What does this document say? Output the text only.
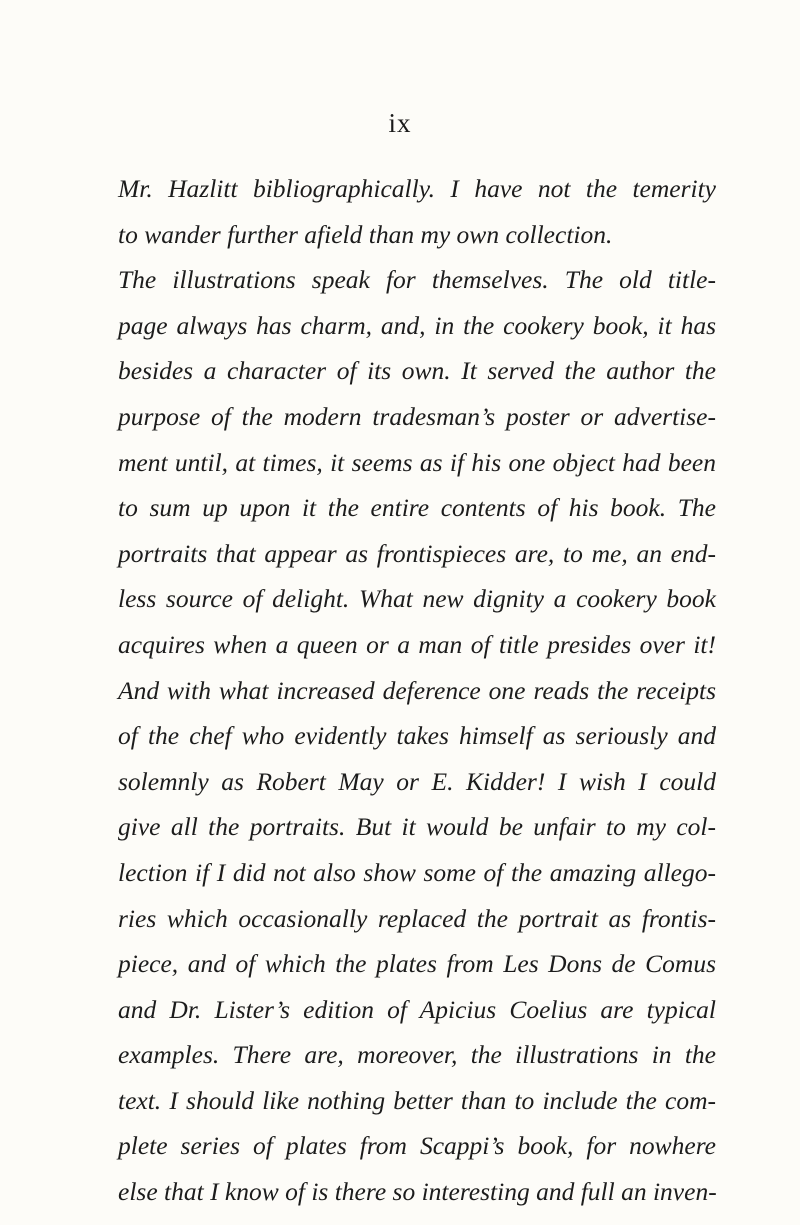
ix
Mr. Hazlitt bibliographically. I have not the temerity
to wander further afield than my own collection.
The illustrations speak for themselves. The old title-
page always has charm, and, in the cookery book, it has
besides a character of its own. It served the author the
purpose of the modern tradesman’s poster or advertise-
ment until, at times, it seems as if his one object had been
to sum up upon it the entire contents of his book. The
portraits that appear as frontispieces are, to me, an end-
less source of delight. What new dignity a cookery book
acquires when a queen or a man of title presides over it!
And with what increased deference one reads the receipts
of the chef who evidently takes himself as seriously and
solemnly as Robert May or E. Kidder! I wish I could
give all the portraits. But it would be unfair to my col-
lection if I did not also show some of the amazing allego-
ries which occasionally replaced the portrait as frontis-
piece, and of which the plates from Les Dons de Comus
and Dr. Lister’s edition of Apicius Coelius are typical
examples. There are, moreover, the illustrations in the
text. I should like nothing better than to include the com-
plete series of plates from Scappi’s book, for nowhere
else that I know of is there so interesting and full an inven-
